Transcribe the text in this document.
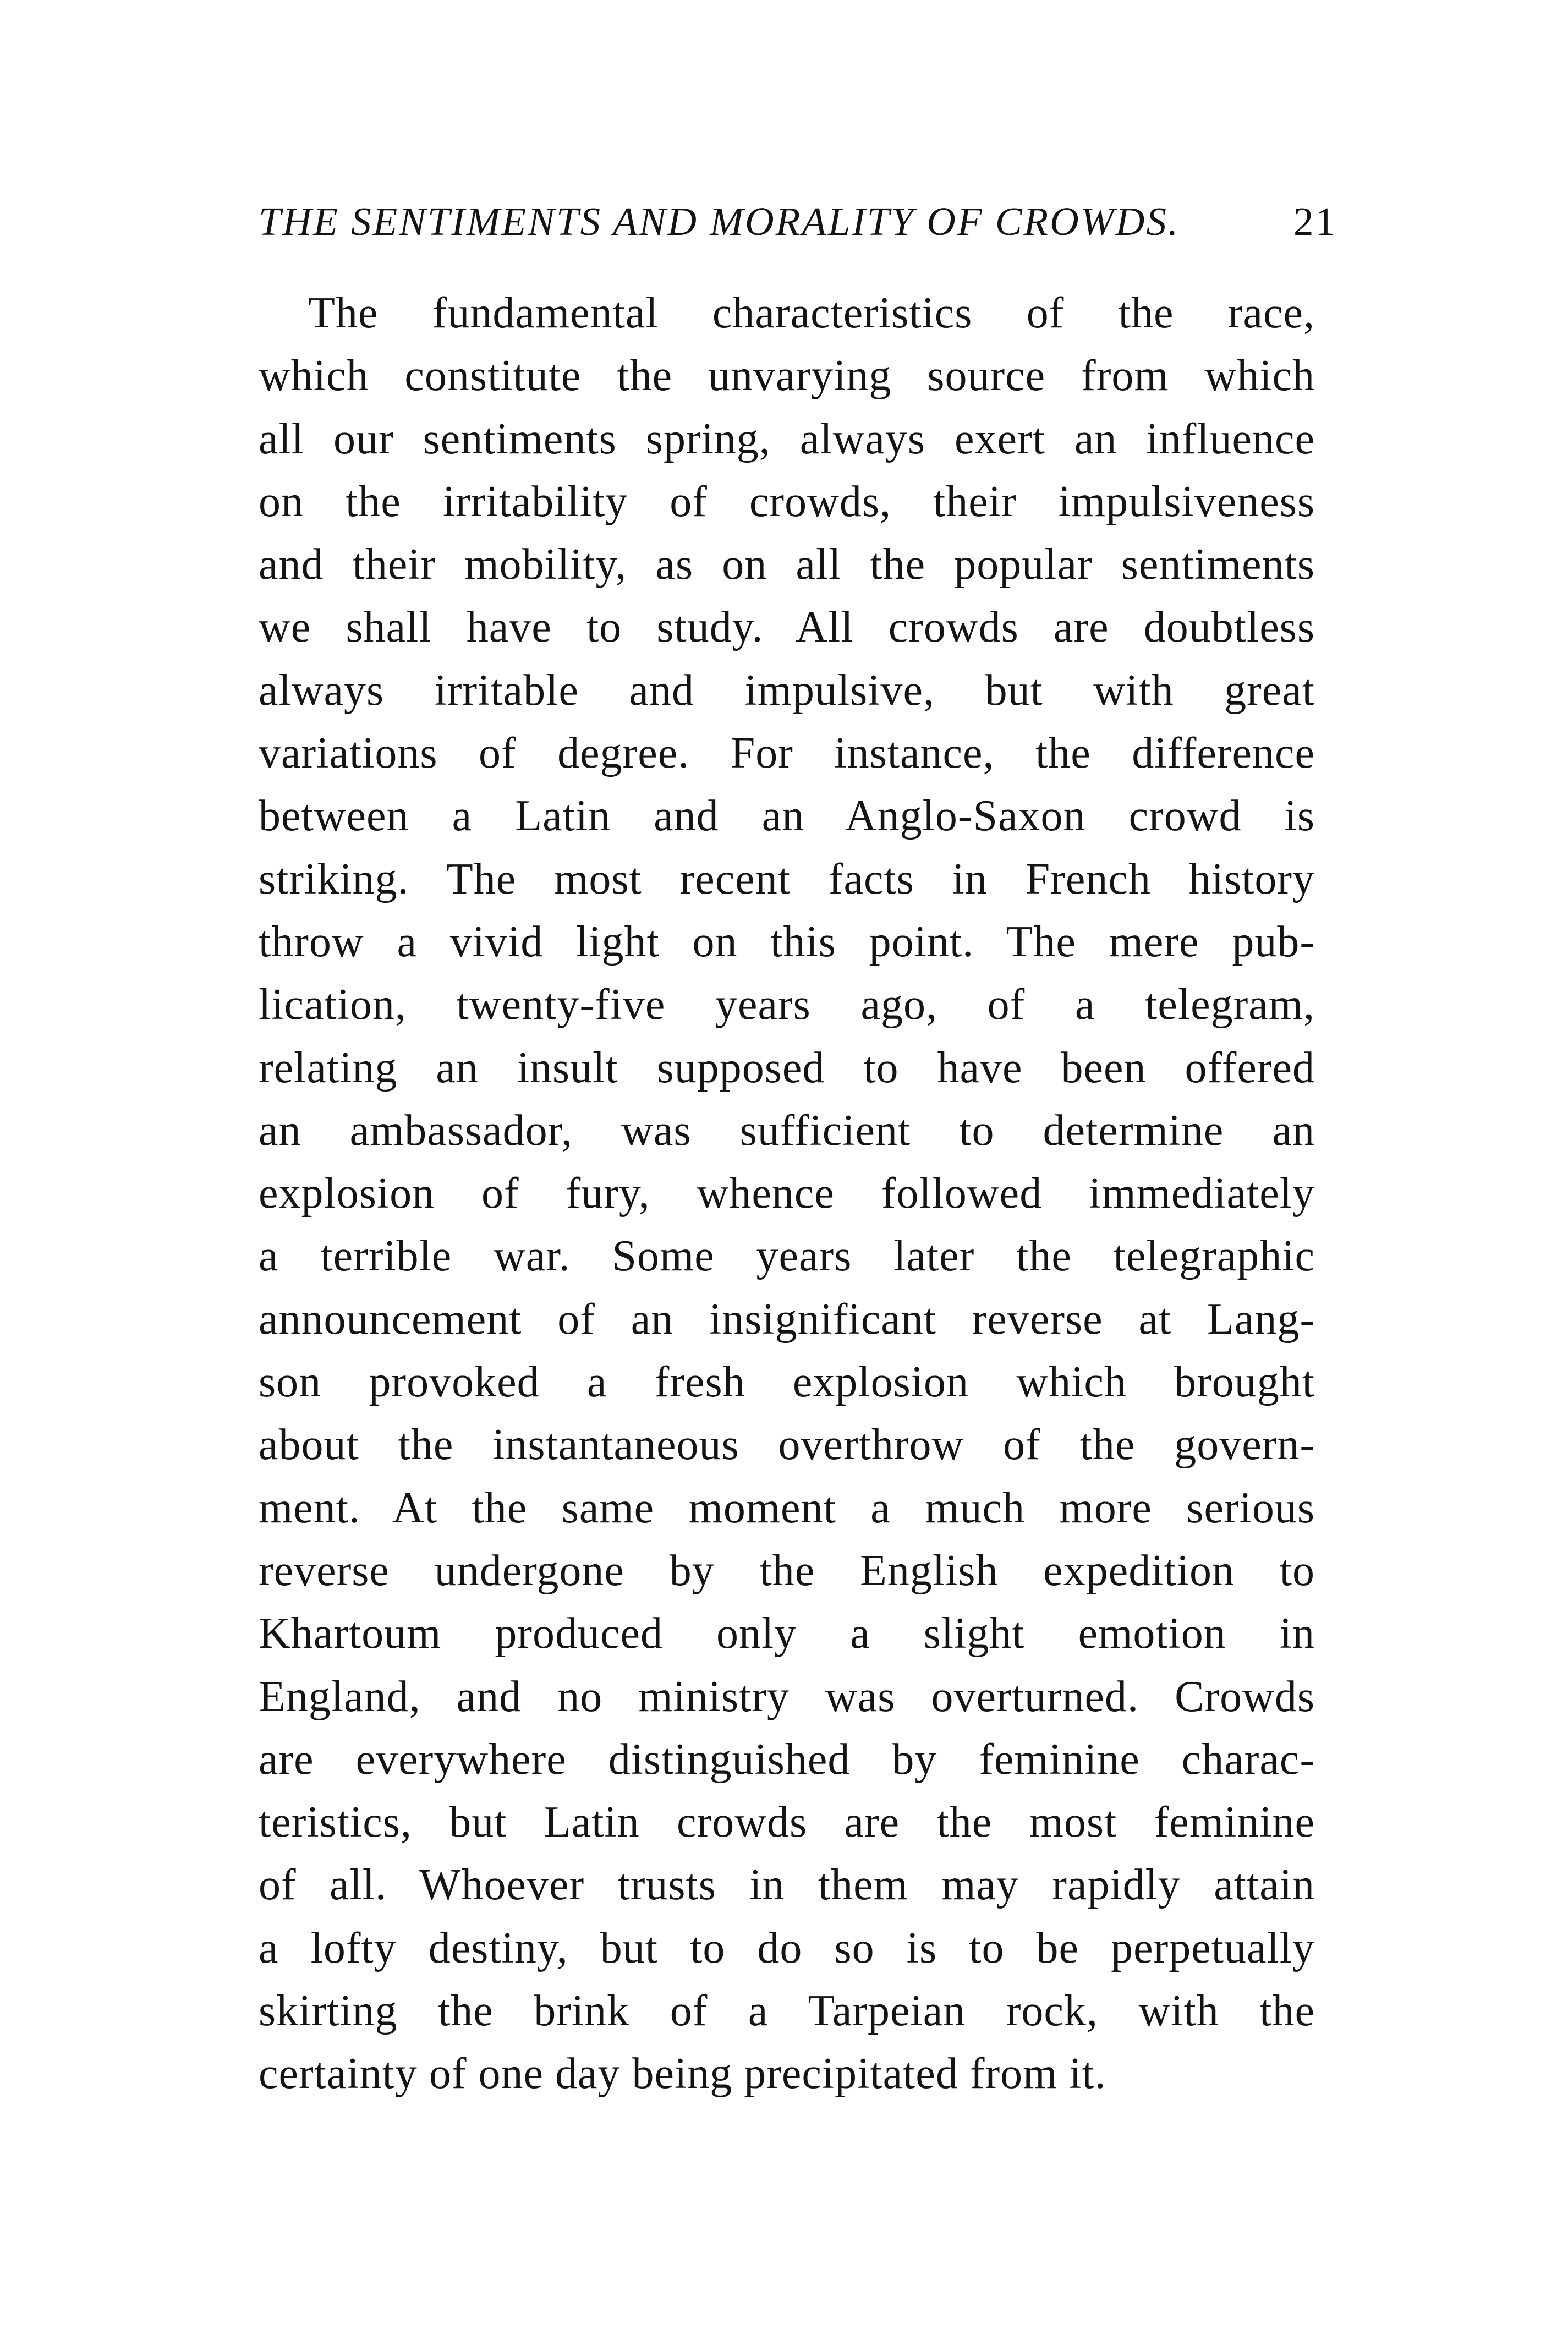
THE SENTIMENTS AND MORALITY OF CROWDS.	21
The fundamental characteristics of the race,
which constitute the unvarying source from which
all our sentiments spring, always exert an influence
on the irritability of crowds, their impulsiveness
and their mobility, as on all the popular sentiments
we shall have to study. All crowds are doubtless
always irritable and impulsive, but with great
variations of degree. For instance, the difference
between a Latin and an Anglo-Saxon crowd is
striking. The most recent facts in French history
throw a vivid light on this point. The mere pub-
lication, twenty-five years ago, of a telegram,
relating an insult supposed to have been offered
an ambassador, was sufficient to determine an
explosion of fury, whence followed immediately
a terrible war. Some years later the telegraphic
announcement of an insignificant reverse at Lang-
son provoked a fresh explosion which brought
about the instantaneous overthrow of the govern-
ment. At the same moment a much more serious
reverse undergone by the English expedition to
Khartoum produced only a slight emotion in
England, and no ministry was overturned. Crowds
are everywhere distinguished by feminine charac-
teristics, but Latin crowds are the most feminine
of all. Whoever trusts in them may rapidly attain
a lofty destiny, but to do so is to be perpetually
skirting the brink of a Tarpeian rock, with the
certainty of one day being precipitated from it.
